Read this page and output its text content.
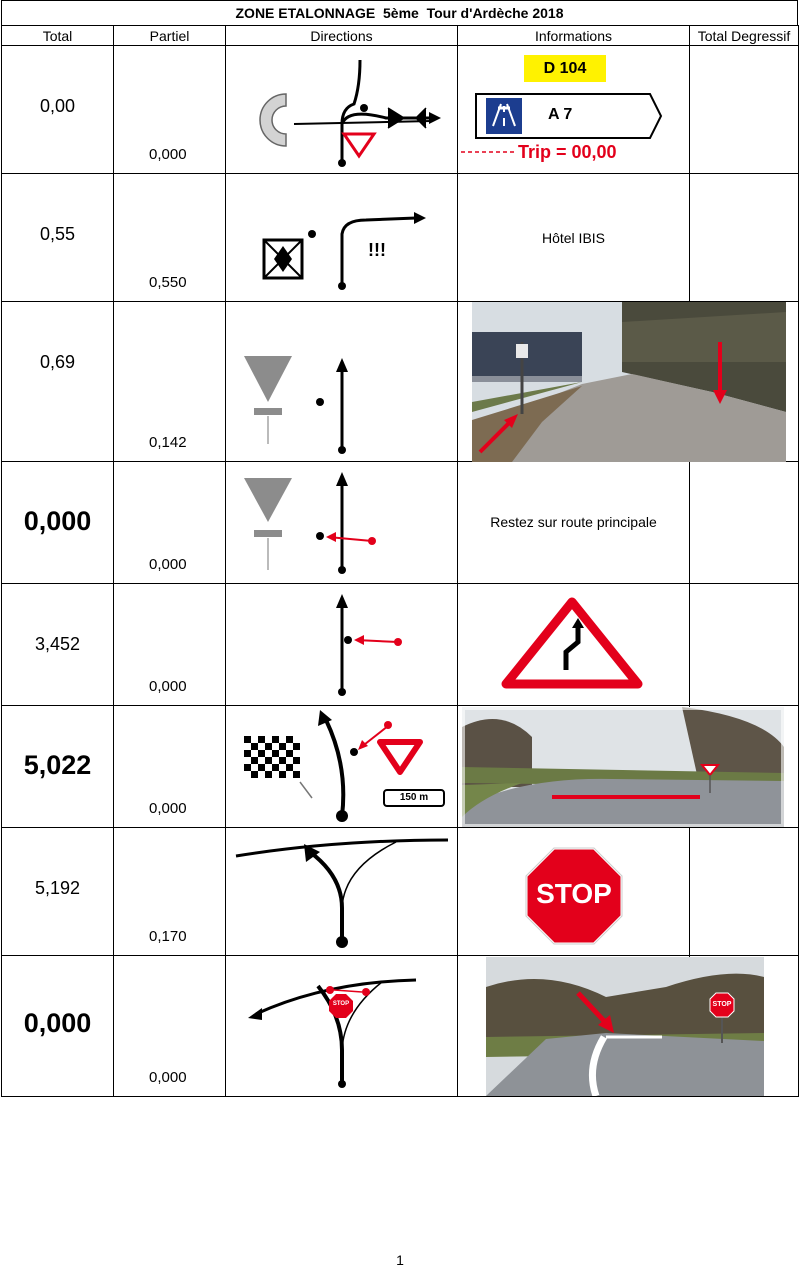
ZONE ETALONNAGE  5ème  Tour d'Ardèche 2018
Total	Partiel	Directions	Informations	Total Degressif

0,00	0,000		D 104
A 7
Trip = 00,00	

0,55	0,550	!!!	Hôtel IBIS	

0,69	0,142

0,000	0,000		Restez sur route principale	

3,452	0,000

5,022	0,000	150 m

5,192	0,170		STOP	

0,000	0,000	STOP	STOP	

1
